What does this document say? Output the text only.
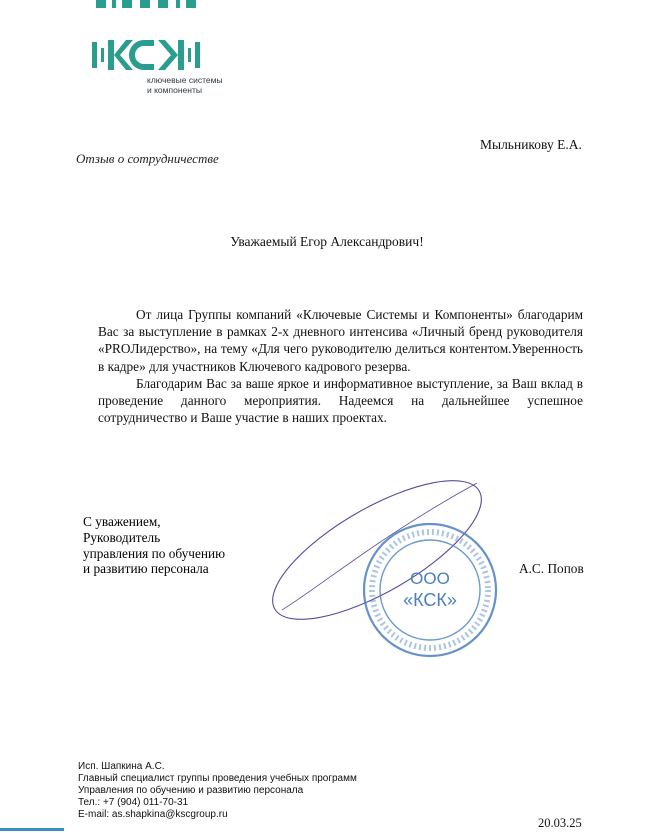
ключевые системы
и компоненты
Мыльникову Е.А.
Отзыв о сотрудничестве
Уважаемый Егор Александрович!

От лица Группы компаний «Ключевые Системы и Компоненты» благодарим Вас за выступление в рамках 2-х дневного интенсива «Личный бренд руководителя «PROЛидерство», на тему «Для чего руководителю делиться контентом.Уверенность в кадре» для участников Ключевого кадрового резерва.

Благодарим Вас за ваше яркое и информативное выступление, за Ваш вклад в проведение данного мероприятия. Надеемся на дальнейшее успешное сотрудничество и Ваше участие в наших проектах.

ООО
«КСК»
С уважением,
Руководитель
управления по обучению
и развитию персонала	А.С. Попов
Исп. Шапкина А.С.
Главный специалист группы проведения учебных программ
Управления по обучению и развитию персонала
Тел.: +7 (904) 011-70-31
E-mail: as.shapkina@kscgroup.ru
20.03.25
